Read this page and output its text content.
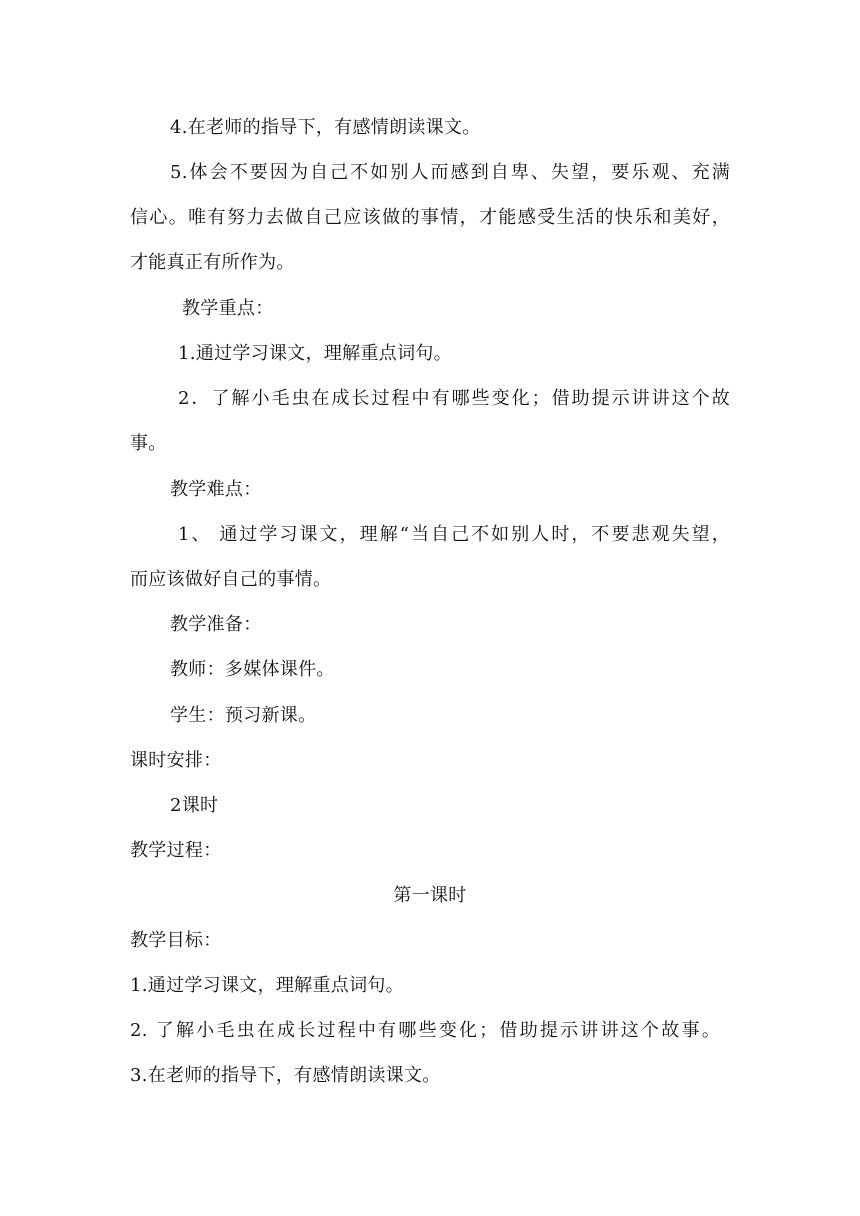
4.在老师的指导下，有感情朗读课文。
5.体会不要因为自己不如别人而感到自卑、失望，要乐观、充满
信心。唯有努力去做自己应该做的事情，才能感受生活的快乐和美好，
才能真正有所作为。
教学重点：
1.通过学习课文，理解重点词句。
2．了解小毛虫在成长过程中有哪些变化；借助提示讲讲这个故
事。
教学难点：
1、 通过学习课文，理解“当自己不如别人时，不要悲观失望，
而应该做好自己的事情。
教学准备：
教师：多媒体课件。
学生：预习新课。
课时安排：
2课时
教学过程：
第一课时
教学目标：
1.通过学习课文，理解重点词句。
2. 了解小毛虫在成长过程中有哪些变化；借助提示讲讲这个故事。
3.在老师的指导下，有感情朗读课文。
